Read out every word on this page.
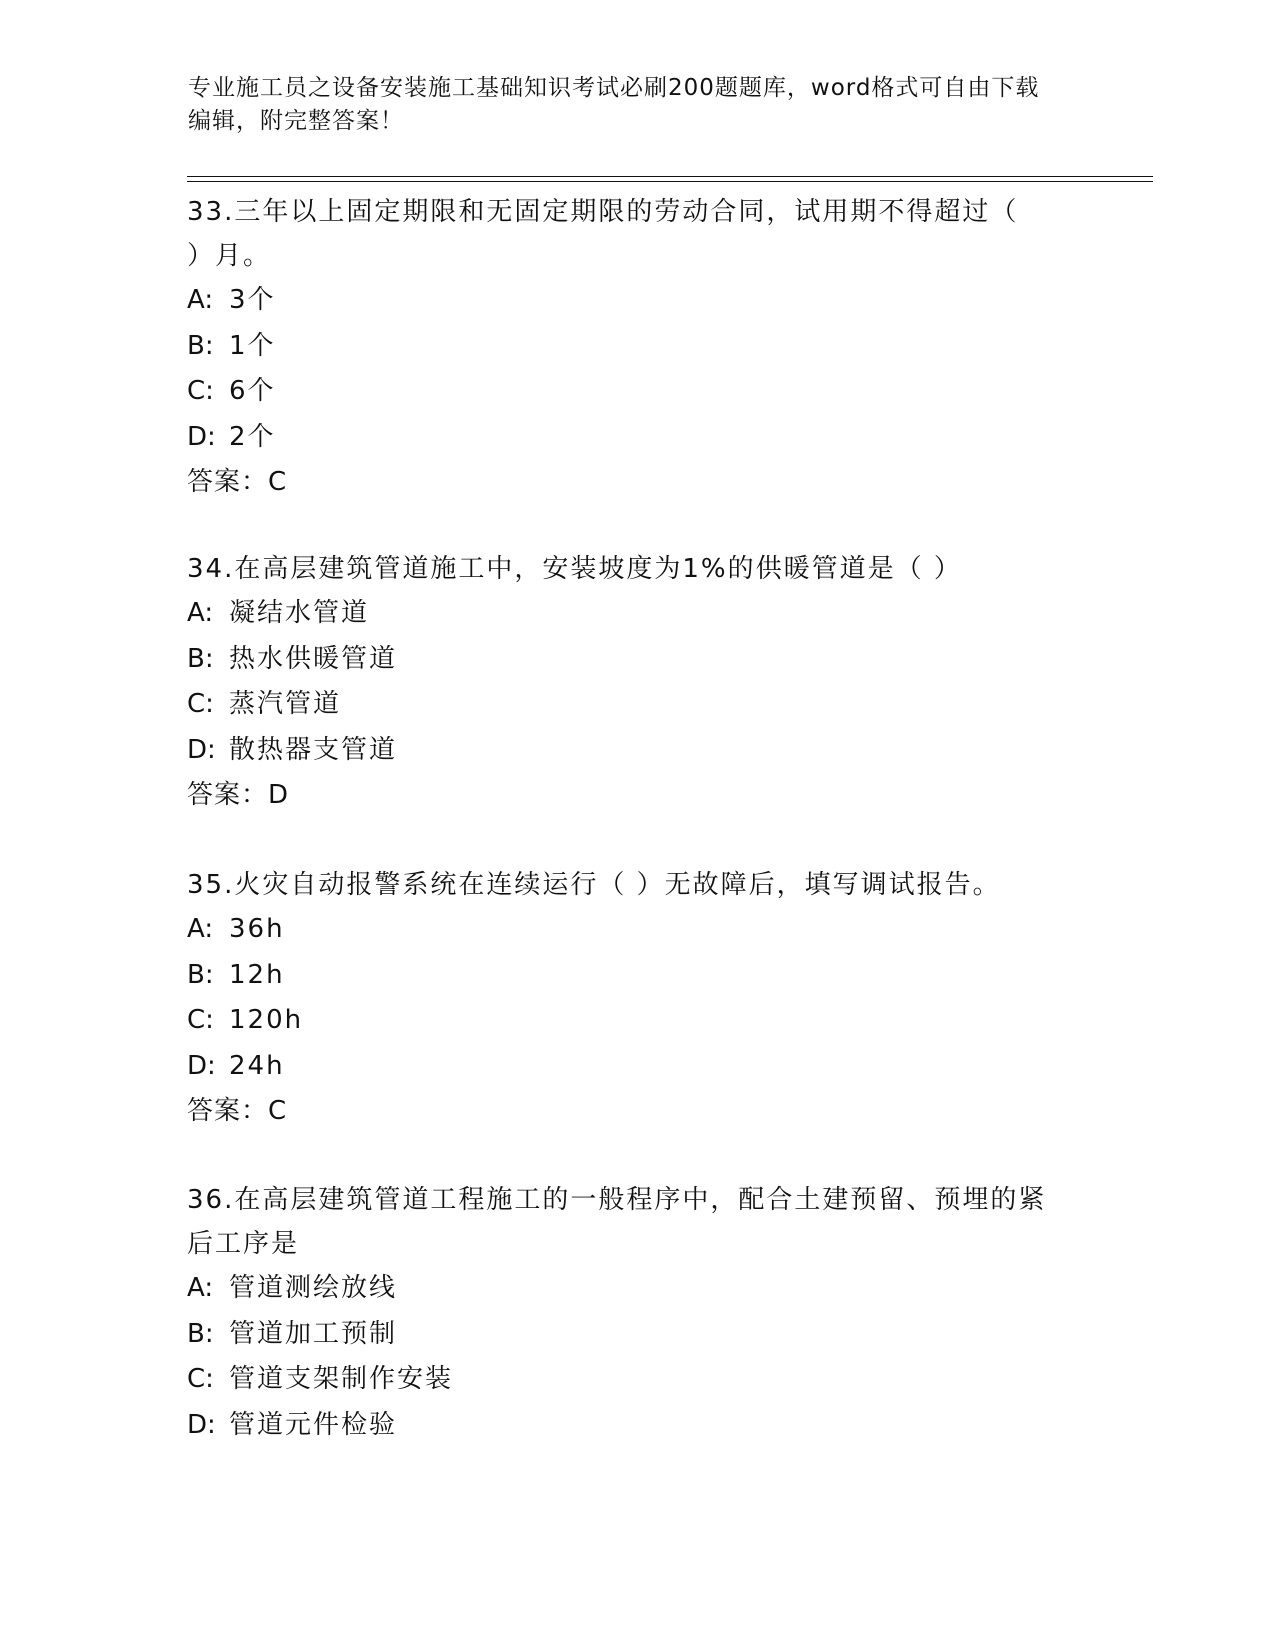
专业施工员之设备安装施工基础知识考试必刷200题题库，word格式可自由下载
编辑，附完整答案！

33.三年以上固定期限和无固定期限的劳动合同，试用期不得超过（

）月。

A: 3个

B: 1个

C: 6个

D: 2个

答案：C

34.在高层建筑管道施工中，安装坡度为1%的供暖管道是（ ）

A: 凝结水管道

B: 热水供暖管道

C: 蒸汽管道

D: 散热器支管道

答案：D

35.火灾自动报警系统在连续运行（ ）无故障后，填写调试报告。

A: 36h

B: 12h

C: 120h

D: 24h

答案：C

36.在高层建筑管道工程施工的一般程序中，配合土建预留、预埋的紧

后工序是

A: 管道测绘放线

B: 管道加工预制

C: 管道支架制作安装

D: 管道元件检验
